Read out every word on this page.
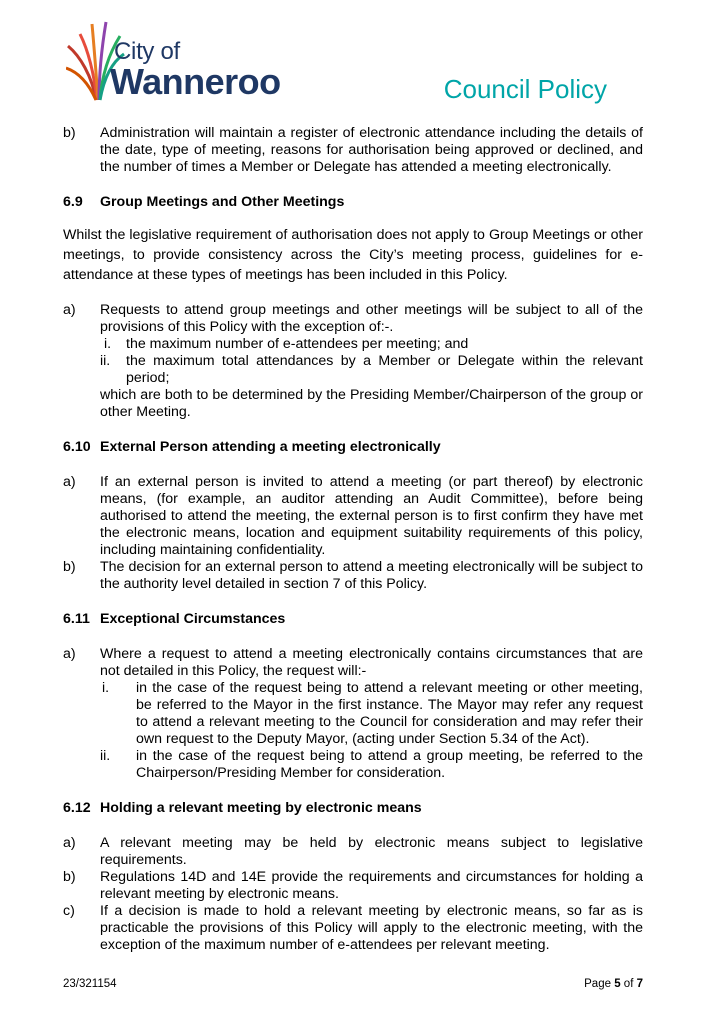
City of
Wanneroo	Council Policy
b)	Administration will maintain a register of electronic attendance including the details of the date, type of meeting, reasons for authorisation being approved or declined, and the number of times a Member or Delegate has attended a meeting electronically.
6.9	Group Meetings and Other Meetings
Whilst the legislative requirement of authorisation does not apply to Group Meetings or other meetings, to provide consistency across the City’s meeting process, guidelines for e-attendance at these types of meetings has been included in this Policy.
a)	Requests to attend group meetings and other meetings will be subject to all of the provisions of this Policy with the exception of:-.
i.	the maximum number of e-attendees per meeting; and
ii.	the maximum total attendances by a Member or Delegate within the relevant period;
which are both to be determined by the Presiding Member/Chairperson of the group or other Meeting.
6.10 External Person attending a meeting electronically
a)	If an external person is invited to attend a meeting (or part thereof) by electronic means, (for example, an auditor attending an Audit Committee), before being authorised to attend the meeting, the external person is to first confirm they have met the electronic means, location and equipment suitability requirements of this policy, including maintaining confidentiality.
b)	The decision for an external person to attend a meeting electronically will be subject to the authority level detailed in section 7 of this Policy.
6.11 Exceptional Circumstances
a)	Where a request to attend a meeting electronically contains circumstances that are not detailed in this Policy, the request will:-
i.	in the case of the request being to attend a relevant meeting or other meeting, be referred to the Mayor in the first instance. The Mayor may refer any request to attend a relevant meeting to the Council for consideration and may refer their own request to the Deputy Mayor, (acting under Section 5.34 of the Act).
ii.	in the case of the request being to attend a group meeting, be referred to the Chairperson/Presiding Member for consideration.
6.12 Holding a relevant meeting by electronic means
a)	A relevant meeting may be held by electronic means subject to legislative requirements.
b)	Regulations 14D and 14E provide the requirements and circumstances for holding a relevant meeting by electronic means.
c)	If a decision is made to hold a relevant meeting by electronic means, so far as is practicable the provisions of this Policy will apply to the electronic meeting, with the exception of the maximum number of e-attendees per relevant meeting.
23/321154	Page 5 of 7
